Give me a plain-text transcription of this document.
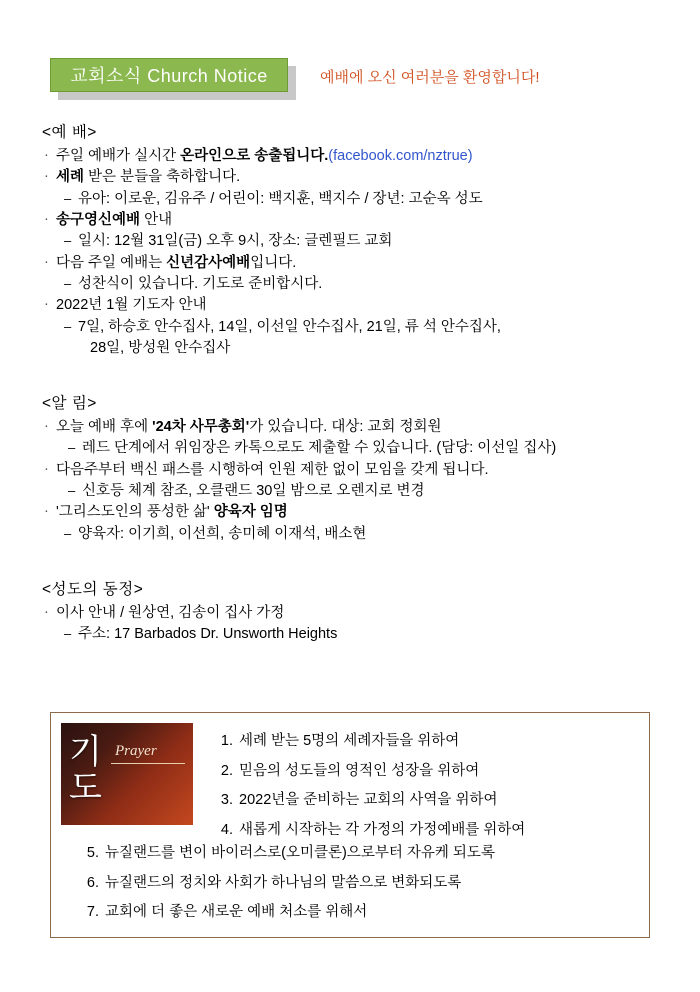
교회소식 Church Notice	예배에 오신 여러분을 환영합니다!
<예 배>
· 주일 예배가 실시간 온라인으로 송출됩니다.(facebook.com/nztrue)
· 세례 받은 분들을 축하합니다.
– 유아: 이로운, 김유주 / 어린이: 백지훈, 백지수 / 장년: 고순옥 성도
· 송구영신예배 안내
– 일시: 12월 31일(금) 오후 9시, 장소: 글렌필드 교회
· 다음 주일 예배는 신년감사예배입니다.
– 성찬식이 있습니다. 기도로 준비합시다.
· 2022년 1월 기도자 안내
– 7일, 하승호 안수집사, 14일, 이선일 안수집사, 21일, 류 석 안수집사,
28일, 방성원 안수집사
<알 림>
· 오늘 예배 후에 '24차 사무총회'가 있습니다. 대상: 교회 정회원
– 레드 단계에서 위임장은 카톡으로도 제출할 수 있습니다. (담당: 이선일 집사)
· 다음주부터 백신 패스를 시행하여 인원 제한 없이 모임을 갖게 됩니다.
– 신호등 체계 참조, 오클랜드 30일 밤으로 오렌지로 변경
· '그리스도인의 풍성한 삶' 양육자 임명
– 양육자: 이기희, 이선희, 송미혜 이재석, 배소현
<성도의 동정>
· 이사 안내 / 원상연, 김송이 집사 가정
– 주소: 17 Barbados Dr. Unsworth Heights
기
도
Prayer
1. 세례 받는 5명의 세례자들을 위하여
2. 믿음의 성도들의 영적인 성장을 위하여
3. 2022년을 준비하는 교회의 사역을 위하여
4. 새롭게 시작하는 각 가정의 가정예배를 위하여
5. 뉴질랜드를 변이 바이러스로(오미클론)으로부터 자유케 되도록
6. 뉴질랜드의 정치와 사회가 하나님의 말씀으로 변화되도록
7. 교회에 더 좋은 새로운 예배 처소를 위해서
